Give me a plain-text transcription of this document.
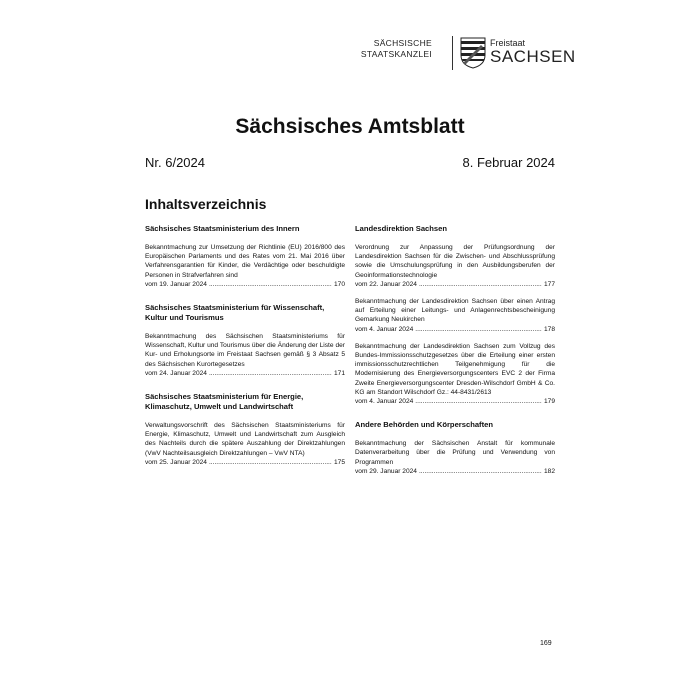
SÄCHSISCHE
STAATSKANZLEI
Freistaat
SACHSEN
Sächsisches Amtsblatt
Nr. 6/2024	8. Februar 2024
Inhaltsverzeichnis
Sächsisches Staatsministerium des Innern
Bekanntmachung zur Umsetzung der Richtlinie (EU) 2016/800 des Europäischen Parlaments und des Rates vom 21. Mai 2016 über Verfahrensgarantien für Kinder, die Verdächtige oder beschuldigte Personen in Strafverfahren sind
vom 19. Januar 2024 .....	170
Sächsisches Staatsministerium für Wissenschaft, Kultur und Tourismus
Bekanntmachung des Sächsischen Staatsministeriums für Wissenschaft, Kultur und Tourismus über die Änderung der Liste der Kur- und Erholungsorte im Freistaat Sachsen gemäß § 3 Absatz 5 des Sächsischen Kurortegesetzes
vom 24. Januar 2024 .....	171
Sächsisches Staatsministerium für Energie, Klimaschutz, Umwelt und Landwirtschaft
Verwaltungsvorschrift des Sächsischen Staatsministeriums für Energie, Klimaschutz, Umwelt und Landwirtschaft zum Ausgleich des Nachteils durch die spätere Auszahlung der Direktzahlungen (VwV Nachteilsausgleich Direktzahlungen – VwV NTA)
vom 25. Januar 2024 .....	175
Landesdirektion Sachsen
Verordnung zur Anpassung der Prüfungsordnung der Landesdirektion Sachsen für die Zwischen- und Abschlussprüfung sowie die Umschulungsprüfung in den Ausbildungsberufen der Geoinformationstechnologie
vom 22. Januar 2024 .....	177
Bekanntmachung der Landesdirektion Sachsen über einen Antrag auf Erteilung einer Leitungs- und Anlagenrechtsbescheinigung Gemarkung Neukirchen
vom 4. Januar 2024 .....	178
Bekanntmachung der Landesdirektion Sachsen zum Vollzug des Bundes-Immissionsschutzgesetzes über die Erteilung einer ersten immissionsschutzrechtlichen Teilgenehmigung für die Modernisierung des Energieversorgungscenters EVC 2 der Firma Zweite Energieversorgungscenter Dresden-Wilschdorf GmbH & Co. KG am Standort Wilschdorf Gz.: 44-8431/2613
vom 4. Januar 2024 .....	179
Andere Behörden und Körperschaften
Bekanntmachung der Sächsischen Anstalt für kommunale Datenverarbeitung über die Prüfung und Verwendung von Programmen
vom 29. Januar 2024 .....	182
169
